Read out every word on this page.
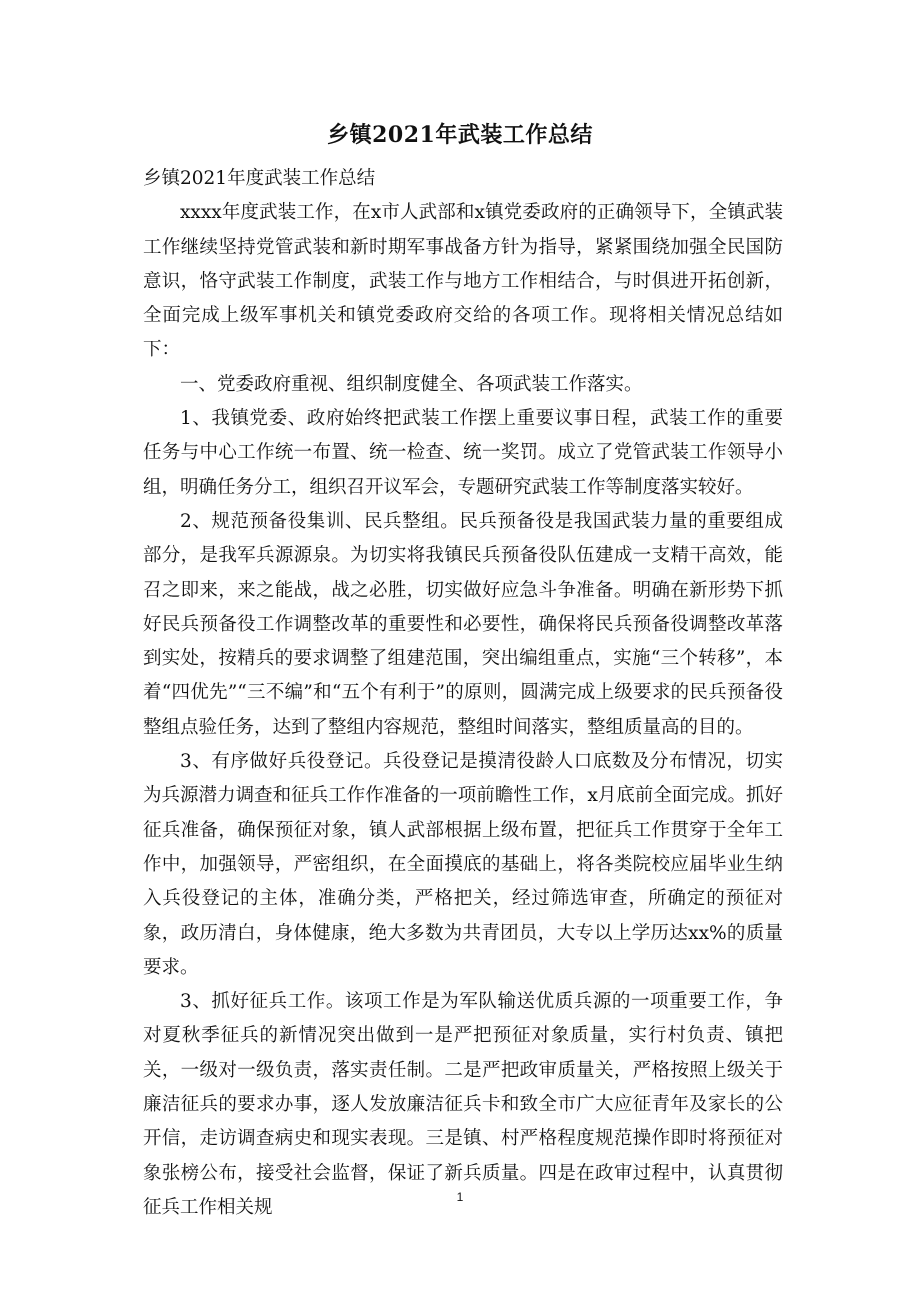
乡镇2021年武装工作总结

乡镇2021年度武装工作总结

xxxx年度武装工作，在x市人武部和x镇党委政府的正确领导下，全镇武装工作继续坚持党管武装和新时期军事战备方针为指导，紧紧围绕加强全民国防意识，恪守武装工作制度，武装工作与地方工作相结合，与时俱进开拓创新，全面完成上级军事机关和镇党委政府交给的各项工作。现将相关情况总结如下：

一、党委政府重视、组织制度健全、各项武装工作落实。

1、我镇党委、政府始终把武装工作摆上重要议事日程，武装工作的重要任务与中心工作统一布置、统一检查、统一奖罚。成立了党管武装工作领导小组，明确任务分工，组织召开议军会，专题研究武装工作等制度落实较好。

2、规范预备役集训、民兵整组。民兵预备役是我国武装力量的重要组成部分，是我军兵源源泉。为切实将我镇民兵预备役队伍建成一支精干高效，能召之即来，来之能战，战之必胜，切实做好应急斗争准备。明确在新形势下抓好民兵预备役工作调整改革的重要性和必要性，确保将民兵预备役调整改革落到实处，按精兵的要求调整了组建范围，突出编组重点，实施“三个转移”，本着“四优先”“三不编”和“五个有利于”的原则，圆满完成上级要求的民兵预备役整组点验任务，达到了整组内容规范，整组时间落实，整组质量高的目的。

3、有序做好兵役登记。兵役登记是摸清役龄人口底数及分布情况，切实为兵源潜力调查和征兵工作作准备的一项前瞻性工作，x月底前全面完成。抓好征兵准备，确保预征对象，镇人武部根据上级布置，把征兵工作贯穿于全年工作中，加强领导，严密组织，在全面摸底的基础上，将各类院校应届毕业生纳入兵役登记的主体，准确分类，严格把关，经过筛选审查，所确定的预征对象，政历清白，身体健康，绝大多数为共青团员，大专以上学历达xx%的质量要求。

3、抓好征兵工作。该项工作是为军队输送优质兵源的一项重要工作，争对夏秋季征兵的新情况突出做到一是严把预征对象质量，实行村负责、镇把关，一级对一级负责，落实责任制。二是严把政审质量关，严格按照上级关于廉洁征兵的要求办事，逐人发放廉洁征兵卡和致全市广大应征青年及家长的公开信，走访调查病史和现实表现。三是镇、村严格程度规范操作即时将预征对象张榜公布，接受社会监督，保证了新兵质量。四是在政审过程中，认真贯彻征兵工作相关规	1
